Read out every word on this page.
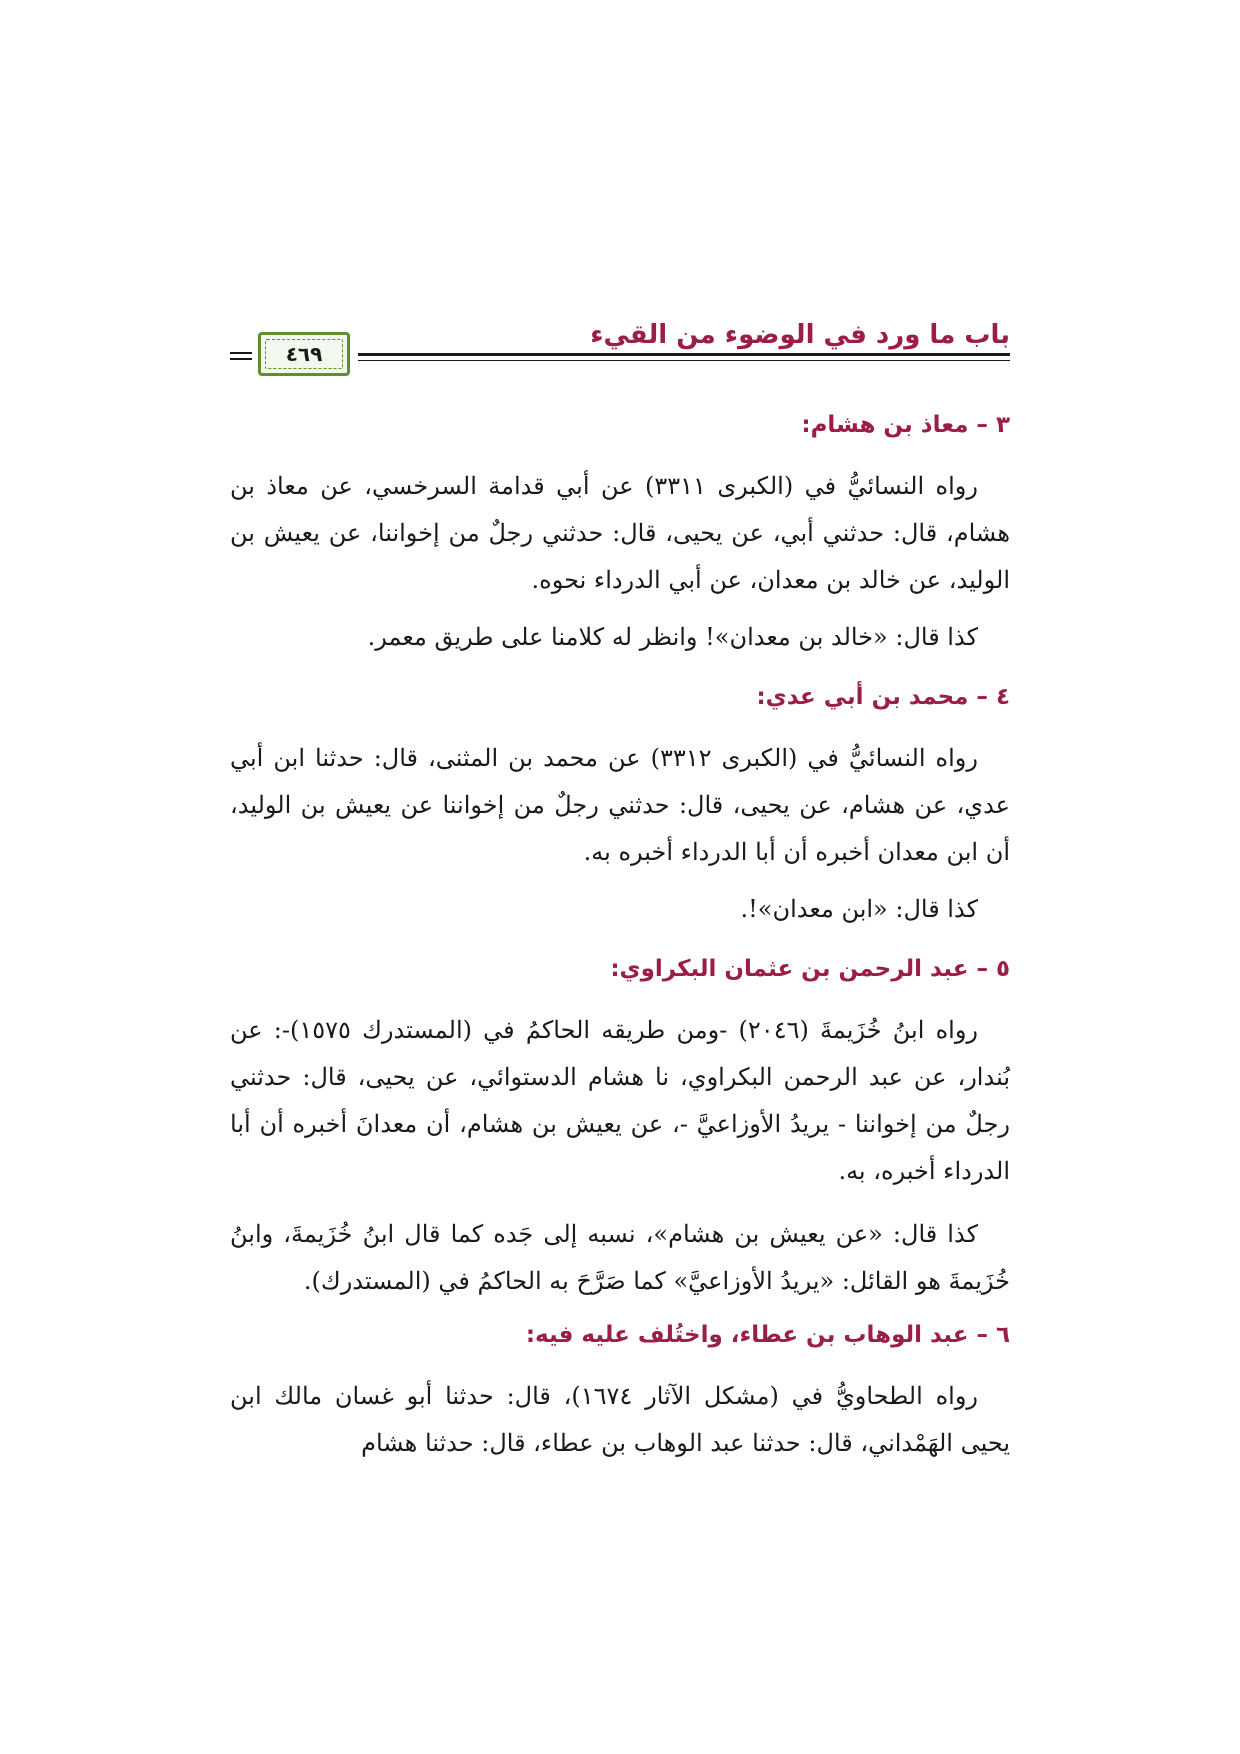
باب ما ورد في الوضوء من القيء
٤٦٩
٣ – معاذ بن هشام:

رواه النسائيُّ في (الكبرى ٣٣١١) عن أبي قدامة السرخسي، عن معاذ بن هشام، قال: حدثني أبي، عن يحيى، قال: حدثني رجلٌ من إخواننا، عن يعيش بن الوليد، عن خالد بن معدان، عن أبي الدرداء نحوه.

كذا قال: «خالد بن معدان»! وانظر له كلامنا على طريق معمر.

٤ – محمد بن أبي عدي:

رواه النسائيُّ في (الكبرى ٣٣١٢) عن محمد بن المثنى، قال: حدثنا ابن أبي عدي، عن هشام، عن يحيى، قال: حدثني رجلٌ من إخواننا عن يعيش بن الوليد، أن ابن معدان أخبره أن أبا الدرداء أخبره به.

كذا قال: «ابن معدان»!.

٥ – عبد الرحمن بن عثمان البكراوي:

رواه ابنُ خُزَيمةَ (٢٠٤٦) -ومن طريقه الحاكمُ في (المستدرك ١٥٧٥)-: عن بُندار، عن عبد الرحمن البكراوي، نا هشام الدستوائي، عن يحيى، قال: حدثني رجلٌ من إخواننا - يريدُ الأوزاعيَّ -، عن يعيش بن هشام، أن معدانَ أخبره أن أبا الدرداء أخبره، به.

كذا قال: «عن يعيش بن هشام»، نسبه إلى جَده كما قال ابنُ خُزَيمةَ، وابنُ خُزَيمةَ هو القائل: «يريدُ الأوزاعيَّ» كما صَرَّحَ به الحاكمُ في (المستدرك).

٦ – عبد الوهاب بن عطاء، واختُلف عليه فيه:

رواه الطحاويُّ في (مشكل الآثار ١٦٧٤)، قال: حدثنا أبو غسان مالك ابن يحيى الهَمْداني، قال: حدثنا عبد الوهاب بن عطاء، قال: حدثنا هشام
